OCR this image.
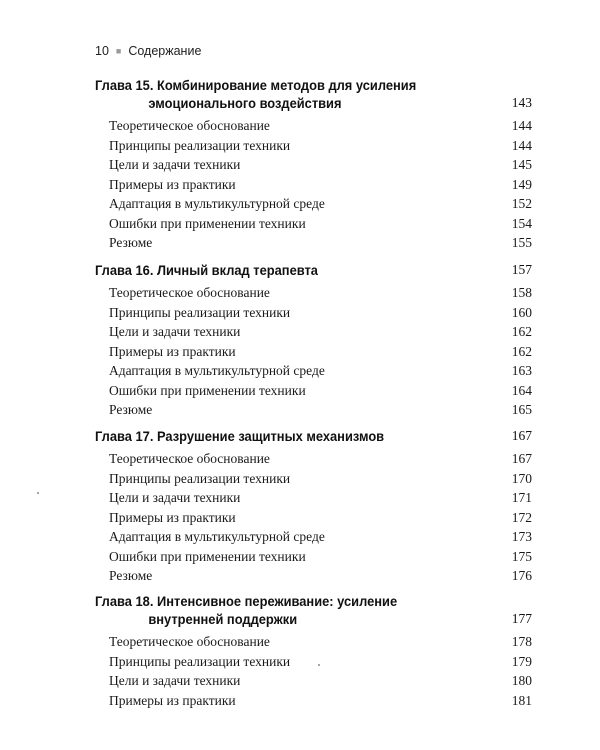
10 ■ Содержание
Глава 15. Комбинирование методов для усиления
эмоционального воздействия	143
Теоретическое обоснование	144
Принципы реализации техники	144
Цели и задачи техники	145
Примеры из практики	149
Адаптация в мультикультурной среде	152
Ошибки при применении техники	154
Резюме	155
Глава 16. Личный вклад терапевта	157
Теоретическое обоснование	158
Принципы реализации техники	160
Цели и задачи техники	162
Примеры из практики	162
Адаптация в мультикультурной среде	163
Ошибки при применении техники	164
Резюме	165
Глава 17. Разрушение защитных механизмов	167
Теоретическое обоснование	167
Принципы реализации техники	170
Цели и задачи техники	171
Примеры из практики	172
Адаптация в мультикультурной среде	173
Ошибки при применении техники	175
Резюме	176
Глава 18. Интенсивное переживание: усиление
внутренней поддержки	177
Теоретическое обоснование	178
Принципы реализации техники	179
Цели и задачи техники	180
Примеры из практики	181
